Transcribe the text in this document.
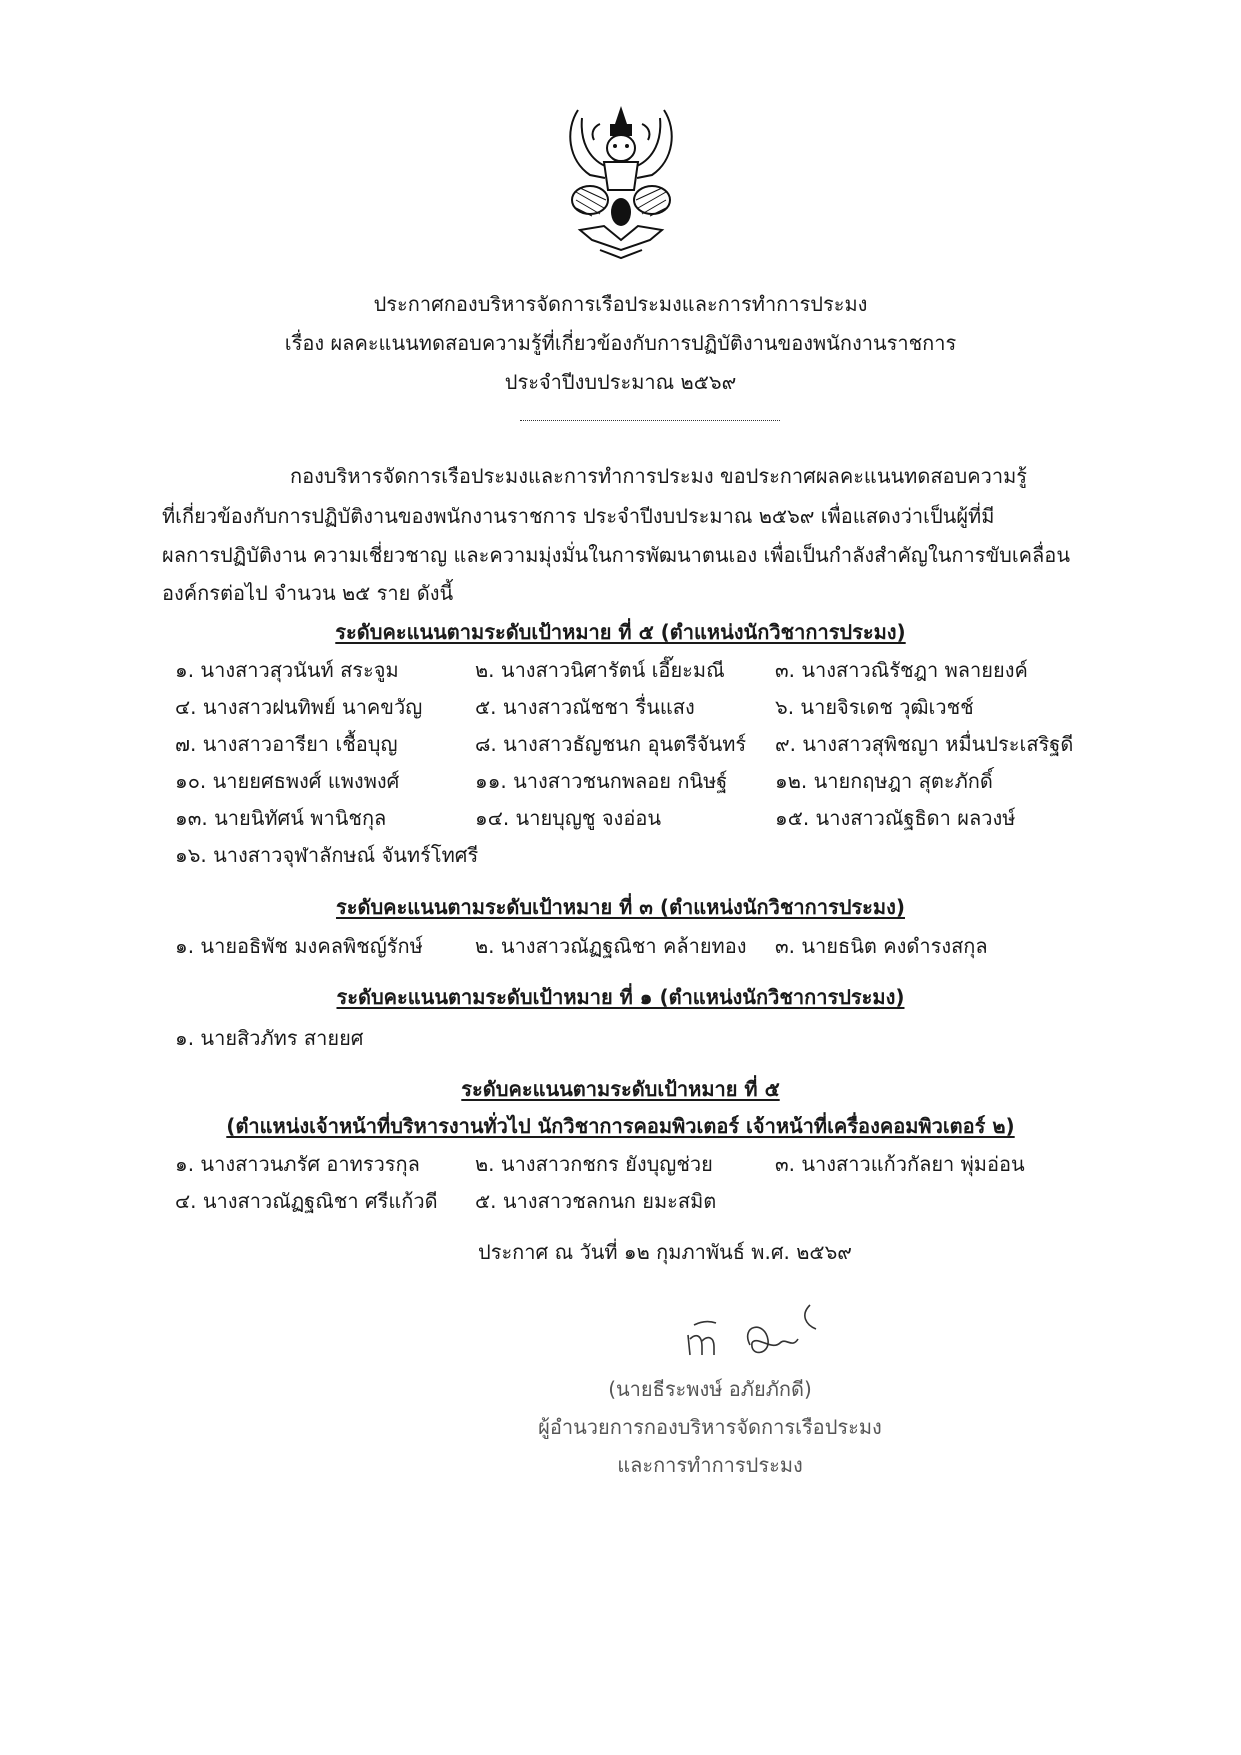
ประกาศกองบริหารจัดการเรือประมงและการทำการประมง
เรื่อง ผลคะแนนทดสอบความรู้ที่เกี่ยวข้องกับการปฏิบัติงานของพนักงานราชการ
ประจำปีงบประมาณ ๒๕๖๙
กองบริหารจัดการเรือประมงและการทำการประมง ขอประกาศผลคะแนนทดสอบความรู้
ที่เกี่ยวข้องกับการปฏิบัติงานของพนักงานราชการ ประจำปีงบประมาณ ๒๕๖๙ เพื่อแสดงว่าเป็นผู้ที่มี
ผลการปฏิบัติงาน ความเชี่ยวชาญ และความมุ่งมั่นในการพัฒนาตนเอง เพื่อเป็นกำลังสำคัญในการขับเคลื่อน
องค์กรต่อไป จำนวน ๒๕ ราย ดังนี้
ระดับคะแนนตามระดับเป้าหมาย ที่ ๕ (ตำแหน่งนักวิชาการประมง)
๑. นางสาวสุวนันท์ สระจูม	๒. นางสาวนิศารัตน์ เอี๊ยะมณี	๓. นางสาวณิรัชฎา พลายยงค์
๔. นางสาวฝนทิพย์ นาคขวัญ	๕. นางสาวณัชชา รื่นแสง	๖. นายจิรเดช วุฒิเวชช์
๗. นางสาวอารียา เชื้อบุญ	๘. นางสาวธัญชนก อุนตรีจันทร์ ๙. นางสาวสุพิชญา หมื่นประเสริฐดี
๑๐. นายยศธพงศ์ แพงพงศ์	๑๑. นางสาวชนกพลอย กนิษฐ์ ๑๒. นายกฤษฎา สุตะภักดิ์
๑๓. นายนิทัศน์ พานิชกุล	๑๔. นายบุญชู จงอ่อน	๑๕. นางสาวณัฐธิดา ผลวงษ์
๑๖. นางสาวจุฬาลักษณ์ จันทร์โทศรี
ระดับคะแนนตามระดับเป้าหมาย ที่ ๓ (ตำแหน่งนักวิชาการประมง)
๑. นายอธิพัช มงคลพิชญ์รักษ์	๒. นางสาวณัฏฐณิชา คล้ายทอง ๓. นายธนิต คงดำรงสกุล
ระดับคะแนนตามระดับเป้าหมาย ที่ ๑ (ตำแหน่งนักวิชาการประมง)
๑. นายสิวภัทร สายยศ
ระดับคะแนนตามระดับเป้าหมาย ที่ ๕
(ตำแหน่งเจ้าหน้าที่บริหารงานทั่วไป นักวิชาการคอมพิวเตอร์ เจ้าหน้าที่เครื่องคอมพิวเตอร์ ๒)
๑. นางสาวนภรัศ อาทรวรกุล	๒. นางสาวกชกร ยังบุญช่วย	๓. นางสาวแก้วกัลยา พุ่มอ่อน
๔. นางสาวณัฏฐณิชา ศรีแก้วดี ๕. นางสาวชลกนก ยมะสมิต
ประกาศ ณ วันที่ ๑๒ กุมภาพันธ์ พ.ศ. ๒๕๖๙
(นายธีระพงษ์ อภัยภักดี)
ผู้อำนวยการกองบริหารจัดการเรือประมง
และการทำการประมง
